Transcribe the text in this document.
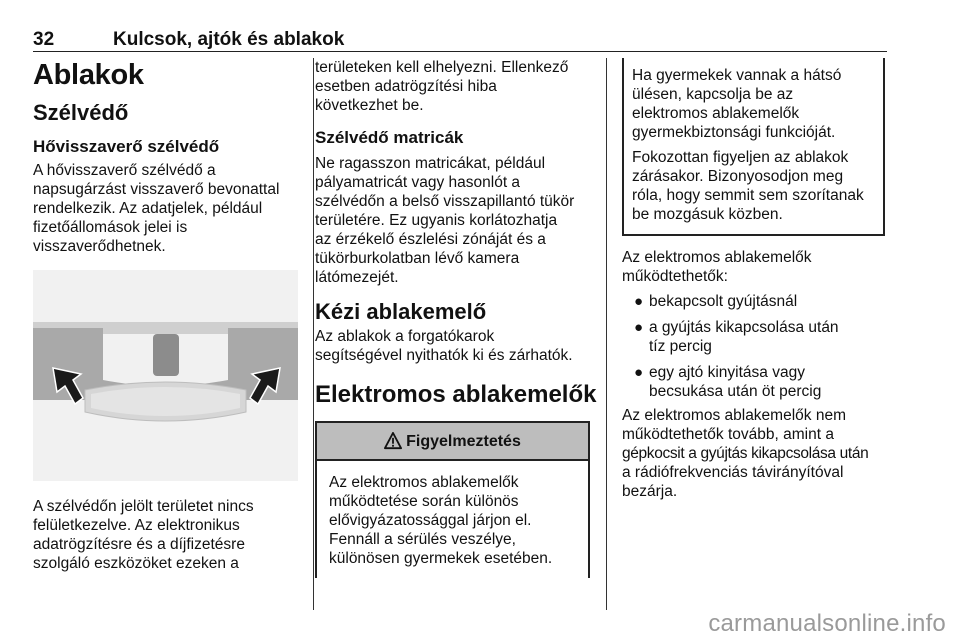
32	Kulcsok, ajtók és ablakok
Ablakok
Szélvédő
Hővisszaverő szélvédő

A hővisszaverő szélvédő a
napsugárzást visszaverő bevonattal
rendelkezik. Az adatjelek, például
fizetőállomások jelei is
visszaverődhetnek.

A szélvédőn jelölt területet nincs
felületkezelve. Az elektronikus
adatrögzítésre és a díjfizetésre
szolgáló eszközöket ezeken a

területeken kell elhelyezni. Ellenkező
esetben adatrögzítési hiba
következhet be.

Szélvédő matricák

Ne ragasszon matricákat, például
pályamatricát vagy hasonlót a
szélvédőn a belső visszapillantó tükör
területére. Ez ugyanis korlátozhatja
az érzékelő észlelési zónáját és a
tükörburkolatban lévő kamera
látómezejét.

Kézi ablakemelő

Az ablakok a forgatókarok
segítségével nyithatók ki és zárhatók.

Elektromos ablakemelők
Figyelmeztetés
Az elektromos ablakemelők
működtetése során különös
elővigyázatossággal járjon el.
Fennáll a sérülés veszélye,
különösen gyermekek esetében.

Ha gyermekek vannak a hátsó
ülésen, kapcsolja be az
elektromos ablakemelők
gyermekbiztonsági funkcióját.

Fokozottan figyeljen az ablakok
zárásakor. Bizonyosodjon meg
róla, hogy semmit sem szorítanak
be mozgásuk közben.

Az elektromos ablakemelők
működtethetők:

● bekapcsolt gyújtásnál
● a gyújtás kikapcsolása után
tíz percig
● egy ajtó kinyitása vagy
becsukása után öt percig

Az elektromos ablakemelők nem
működtethetők tovább, amint a
gépkocsit a gyújtás kikapcsolása után
a rádiófrekvenciás távirányítóval
bezárja.

carmanualsonline.info
